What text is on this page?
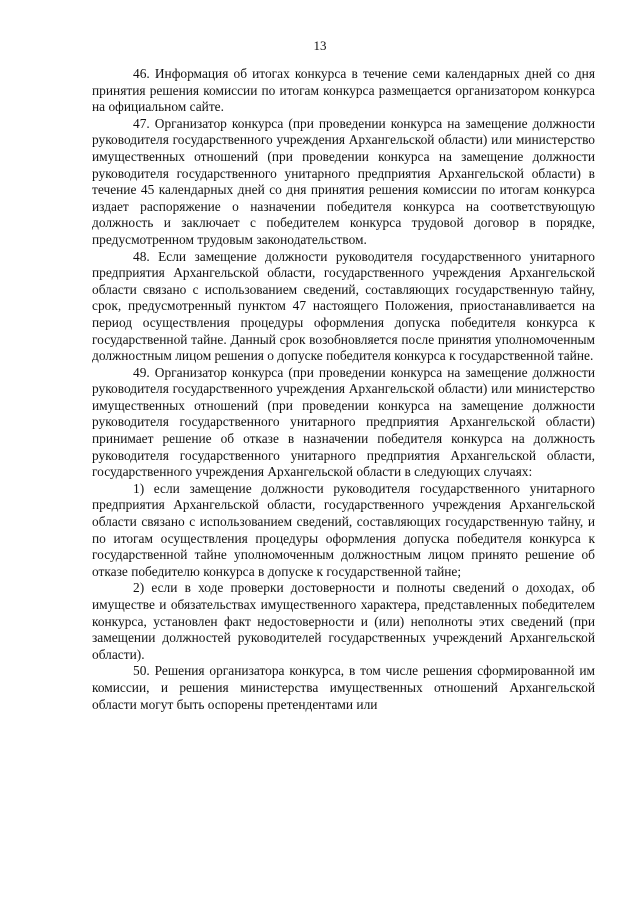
13

46. Информация об итогах конкурса в течение семи календарных дней со дня принятия решения комиссии по итогам конкурса размещается организатором конкурса на официальном сайте.

47. Организатор конкурса (при проведении конкурса на замещение должности руководителя государственного учреждения Архангельской области) или министерство имущественных отношений (при проведении конкурса на замещение должности руководителя государственного унитарного предприятия Архангельской области) в течение 45 календарных дней со дня принятия решения комиссии по итогам конкурса издает распоряжение о назначении победителя конкурса на соответствующую должность и заключает с победителем конкурса трудовой договор в порядке, предусмотренном трудовым законодательством.

48. Если замещение должности руководителя государственного унитарного предприятия Архангельской области, государственного учреждения Архангельской области связано с использованием сведений, составляющих государственную тайну, срок, предусмотренный пунктом 47 настоящего Положения, приостанавливается на период осуществления процедуры оформления допуска победителя конкурса к государственной тайне. Данный срок возобновляется после принятия уполномоченным должностным лицом решения о допуске победителя конкурса к государственной тайне.

49. Организатор конкурса (при проведении конкурса на замещение должности руководителя государственного учреждения Архангельской области) или министерство имущественных отношений (при проведении конкурса на замещение должности руководителя государственного унитарного предприятия Архангельской области) принимает решение об отказе в назначении победителя конкурса на должность руководителя государственного унитарного предприятия Архангельской области, государственного учреждения Архангельской области в следующих случаях:

1) если замещение должности руководителя государственного унитарного предприятия Архангельской области, государственного учреждения Архангельской области связано с использованием сведений, составляющих государственную тайну, и по итогам осуществления процедуры оформления допуска победителя конкурса к государственной тайне уполномоченным должностным лицом принято решение об отказе победителю конкурса в допуске к государственной тайне;

2) если в ходе проверки достоверности и полноты сведений о доходах, об имуществе и обязательствах имущественного характера, представленных победителем конкурса, установлен факт недостоверности и (или) неполноты этих сведений (при замещении должностей руководителей государственных учреждений Архангельской области).

50. Решения организатора конкурса, в том числе решения сформированной им комиссии, и решения министерства имущественных отношений Архангельской области могут быть оспорены претендентами или
